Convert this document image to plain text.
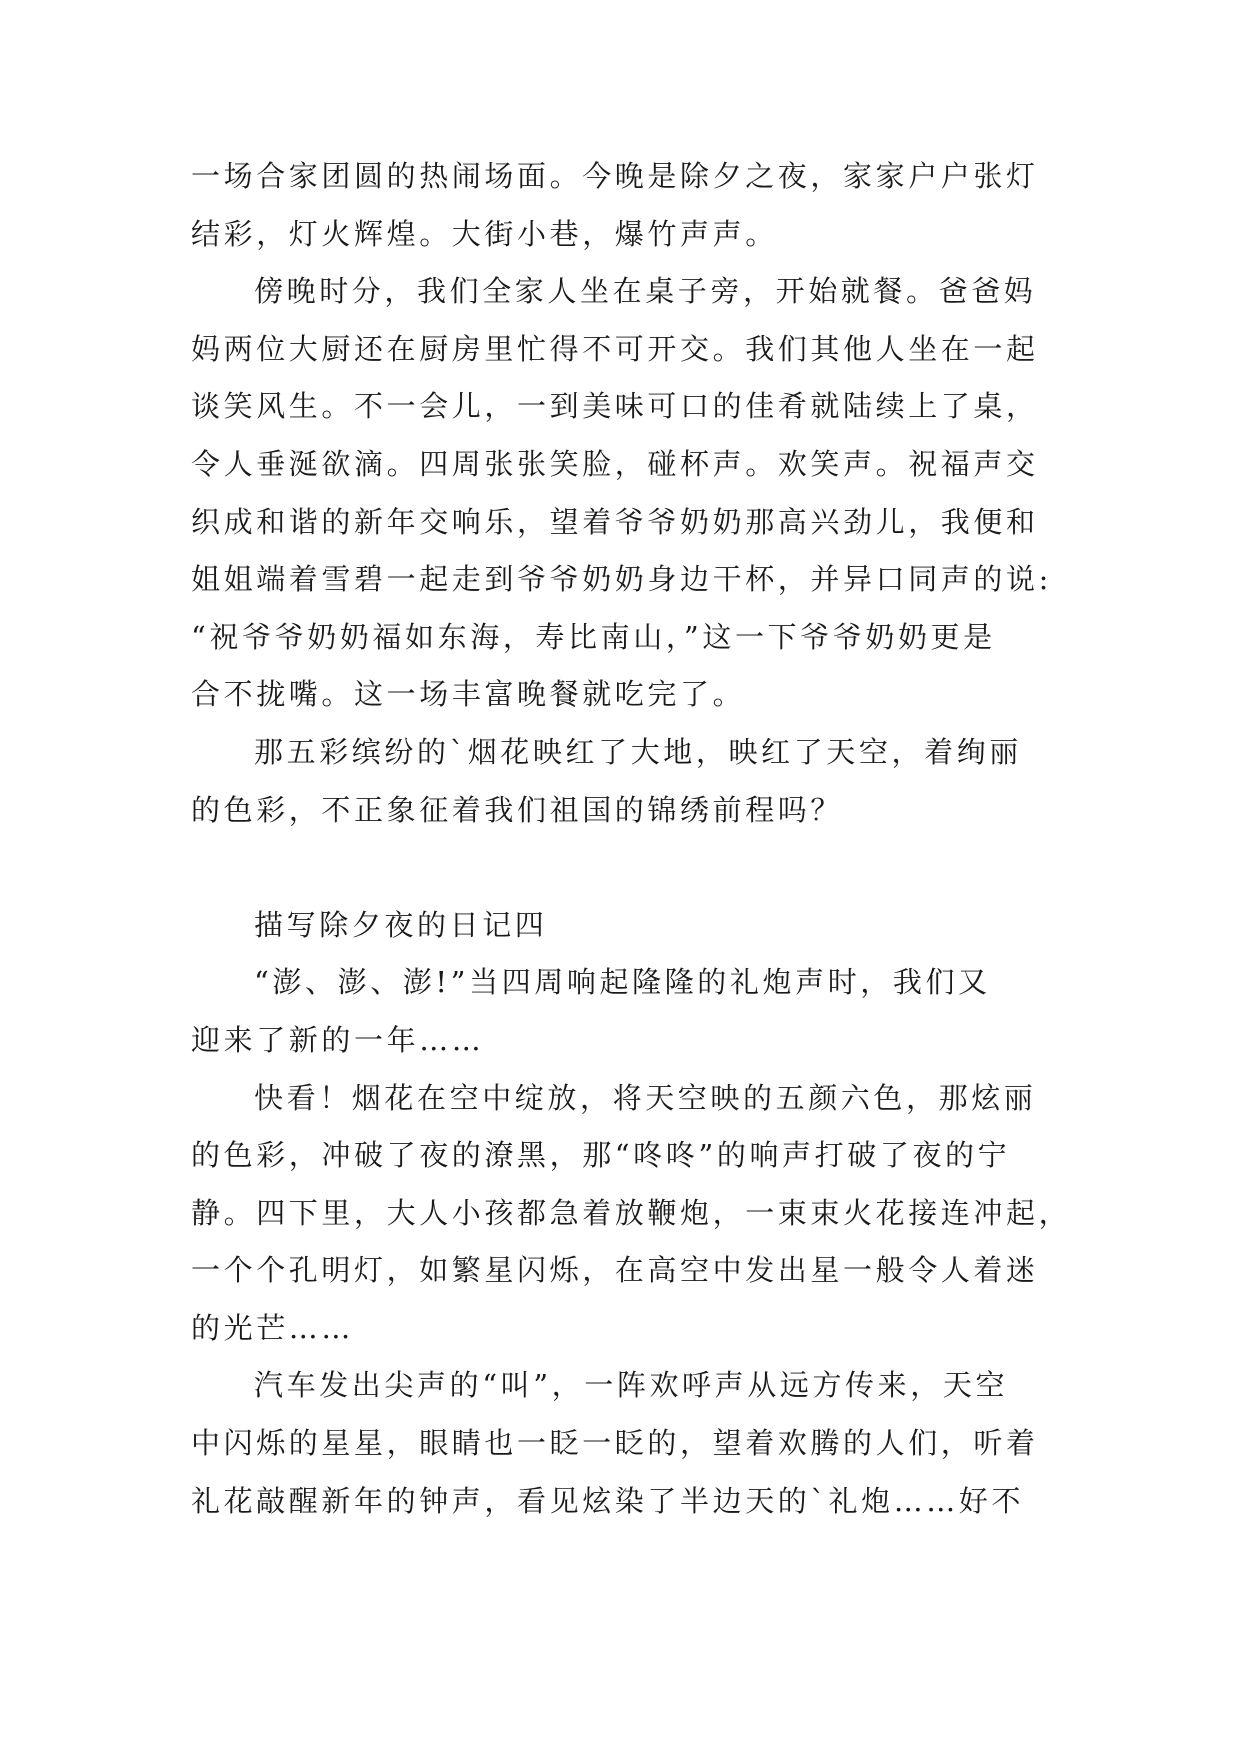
一场合家团圆的热闹场面。今晚是除夕之夜，家家户户张灯
结彩，灯火辉煌。大街小巷，爆竹声声。
傍晚时分，我们全家人坐在桌子旁，开始就餐。爸爸妈
妈两位大厨还在厨房里忙得不可开交。我们其他人坐在一起
谈笑风生。不一会儿，一到美味可口的佳肴就陆续上了桌，
令人垂涎欲滴。四周张张笑脸，碰杯声。欢笑声。祝福声交
织成和谐的新年交响乐，望着爷爷奶奶那高兴劲儿，我便和
姐姐端着雪碧一起走到爷爷奶奶身边干杯，并异口同声的说:
“祝爷爷奶奶福如东海，寿比南山，”这一下爷爷奶奶更是
合不拢嘴。这一场丰富晚餐就吃完了。
那五彩缤纷的`烟花映红了大地，映红了天空，着绚丽
的色彩，不正象征着我们祖国的锦绣前程吗？
描写除夕夜的日记四
“澎、澎、澎!”当四周响起隆隆的礼炮声时，我们又
迎来了新的一年……
快看！烟花在空中绽放，将天空映的五颜六色，那炫丽
的色彩，冲破了夜的潦黑，那“咚咚”的响声打破了夜的宁
静。四下里，大人小孩都急着放鞭炮，一束束火花接连冲起，
一个个孔明灯，如繁星闪烁，在高空中发出星一般令人着迷
的光芒……
汽车发出尖声的“叫”，一阵欢呼声从远方传来，天空
中闪烁的星星，眼睛也一眨一眨的，望着欢腾的人们，听着
礼花敲醒新年的钟声，看见炫染了半边天的`礼炮……好不
